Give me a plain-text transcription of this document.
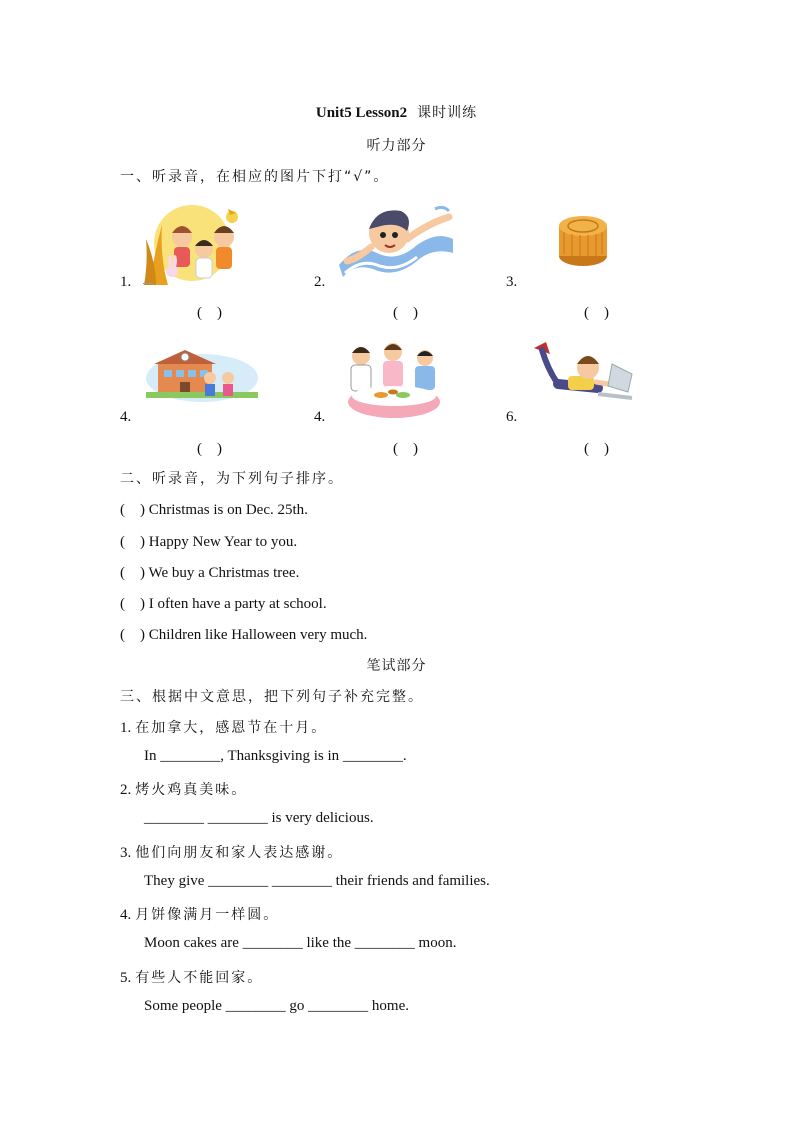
Unit5 Lesson2 课时训练
听力部分
一、听录音，在相应的图片下打“√”。
1.	2.	3.
(　)	(　)	(　)
4.	4.	6.
(　)	(　)	(　)
二、听录音，为下列句子排序。
(　) Christmas is on Dec. 25th.
(　) Happy New Year to you.
(　) We buy a Christmas tree.
(　) I often have a party at school.
(　) Children like Halloween very much.
笔试部分
三、根据中文意思，把下列句子补充完整。
1. 在加拿大，感恩节在十月。
In ________, Thanksgiving is in ________.
2. 烤火鸡真美味。
________ ________ is very delicious.
3. 他们向朋友和家人表达感谢。
They give ________ ________ their friends and families.
4. 月饼像满月一样圆。
Moon cakes are ________ like the ________ moon.
5. 有些人不能回家。
Some people ________ go ________ home.
